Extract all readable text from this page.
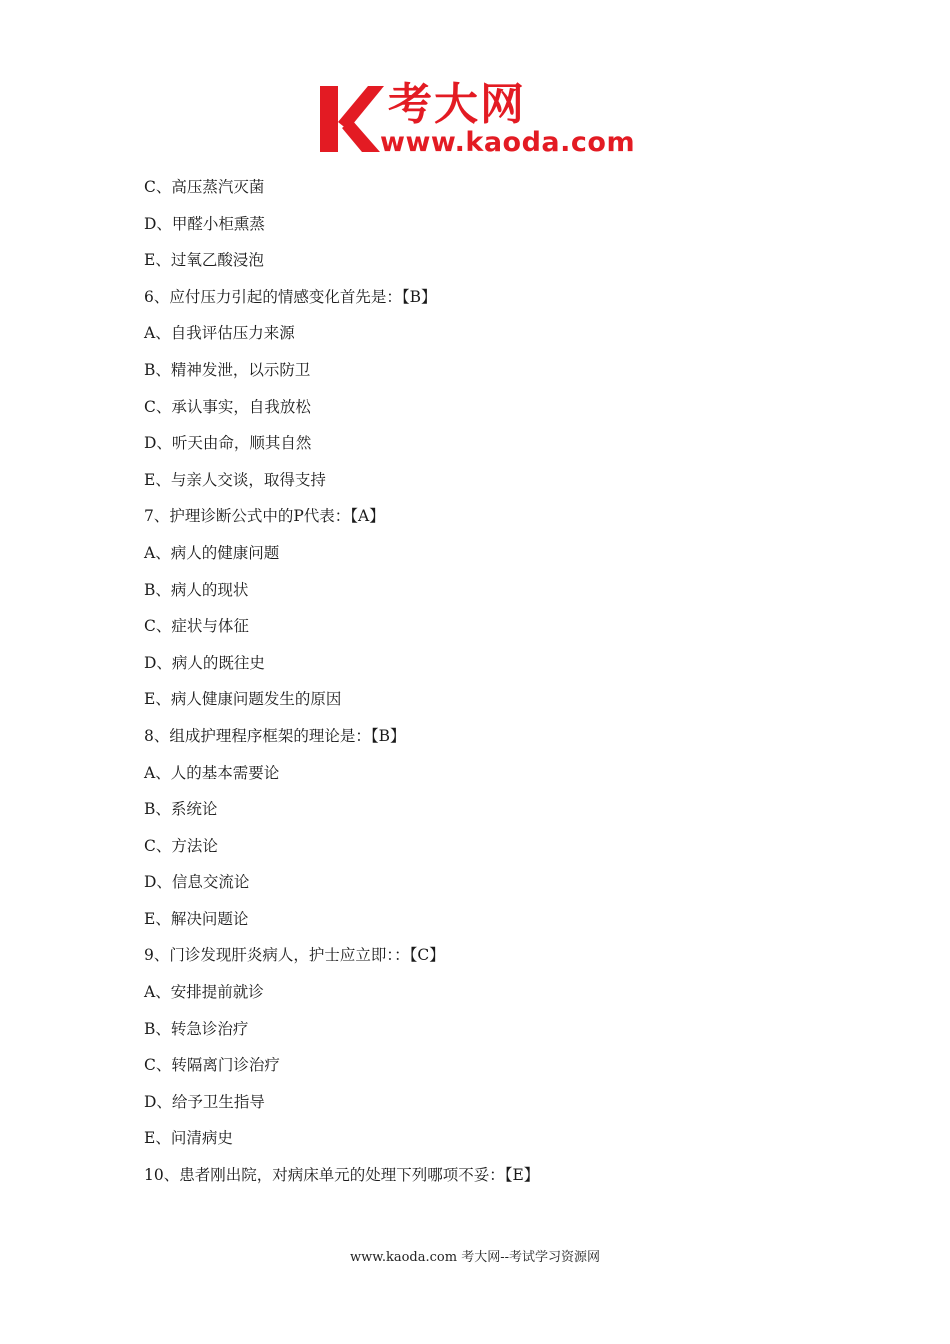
考大网
www.kaoda.com
C、高压蒸汽灭菌
D、甲醛小柜熏蒸
E、过氧乙酸浸泡
6、应付压力引起的情感变化首先是：【B】
A、自我评估压力来源
B、精神发泄，以示防卫
C、承认事实，自我放松
D、听天由命，顺其自然
E、与亲人交谈，取得支持
7、护理诊断公式中的P代表：【A】
A、病人的健康问题
B、病人的现状
C、症状与体征
D、病人的既往史
E、病人健康问题发生的原因
8、组成护理程序框架的理论是：【B】
A、人的基本需要论
B、系统论
C、方法论
D、信息交流论
E、解决问题论
9、门诊发现肝炎病人，护士应立即：：【C】
A、安排提前就诊
B、转急诊治疗
C、转隔离门诊治疗
D、给予卫生指导
E、问清病史
10、患者刚出院，对病床单元的处理下列哪项不妥：【E】
www.kaoda.com 考大网--考试学习资源网
